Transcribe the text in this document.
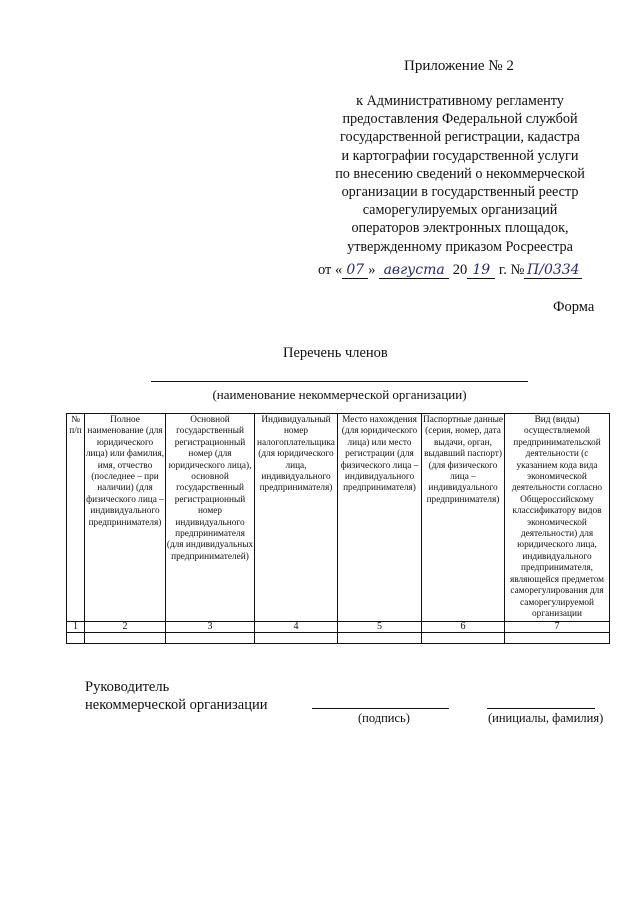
Приложение № 2
к Административному регламенту
предоставления Федеральной службой
государственной регистрации, кадастра
и картографии государственной услуги
по внесению сведений о некоммерческой
организации в государственный реестр
саморегулируемых организаций
операторов электронных площадок,
утвержденному приказом Росреестра
от « 07 » августа 20 19 г. № П/0334
Форма
Перечень членов
(наименование некоммерческой организации)
№ п/п	Полное наименование (для юридического лица) или фамилия, имя, отчество (последнее – при наличии) (для физического лица – индивидуального предпринимателя)	Основной государственный регистрационный номер (для юридического лица), основной государственный регистрационный номер индивидуального предпринимателя (для индивидуальных предпринимателей)	Индивидуальный номер налогоплательщика (для юридического лица, индивидуального предпринимателя)	Место нахождения (для юридического лица) или место регистрации (для физического лица – индивидуального предпринимателя)	Паспортные данные (серия, номер, дата выдачи, орган, выдавший паспорт) (для физического лица – индивидуального предпринимателя)	Вид (виды) осуществляемой предпринимательской деятельности (с указанием кода вида экономической деятельности согласно Общероссийскому классификатору видов экономической деятельности) для юридического лица, индивидуального предпринимателя, являющейся предметом саморегулирования для саморегулируемой организации
1	2	3	4	5	6	7

Руководитель
некоммерческой организации
(подпись)	(инициалы, фамилия)
